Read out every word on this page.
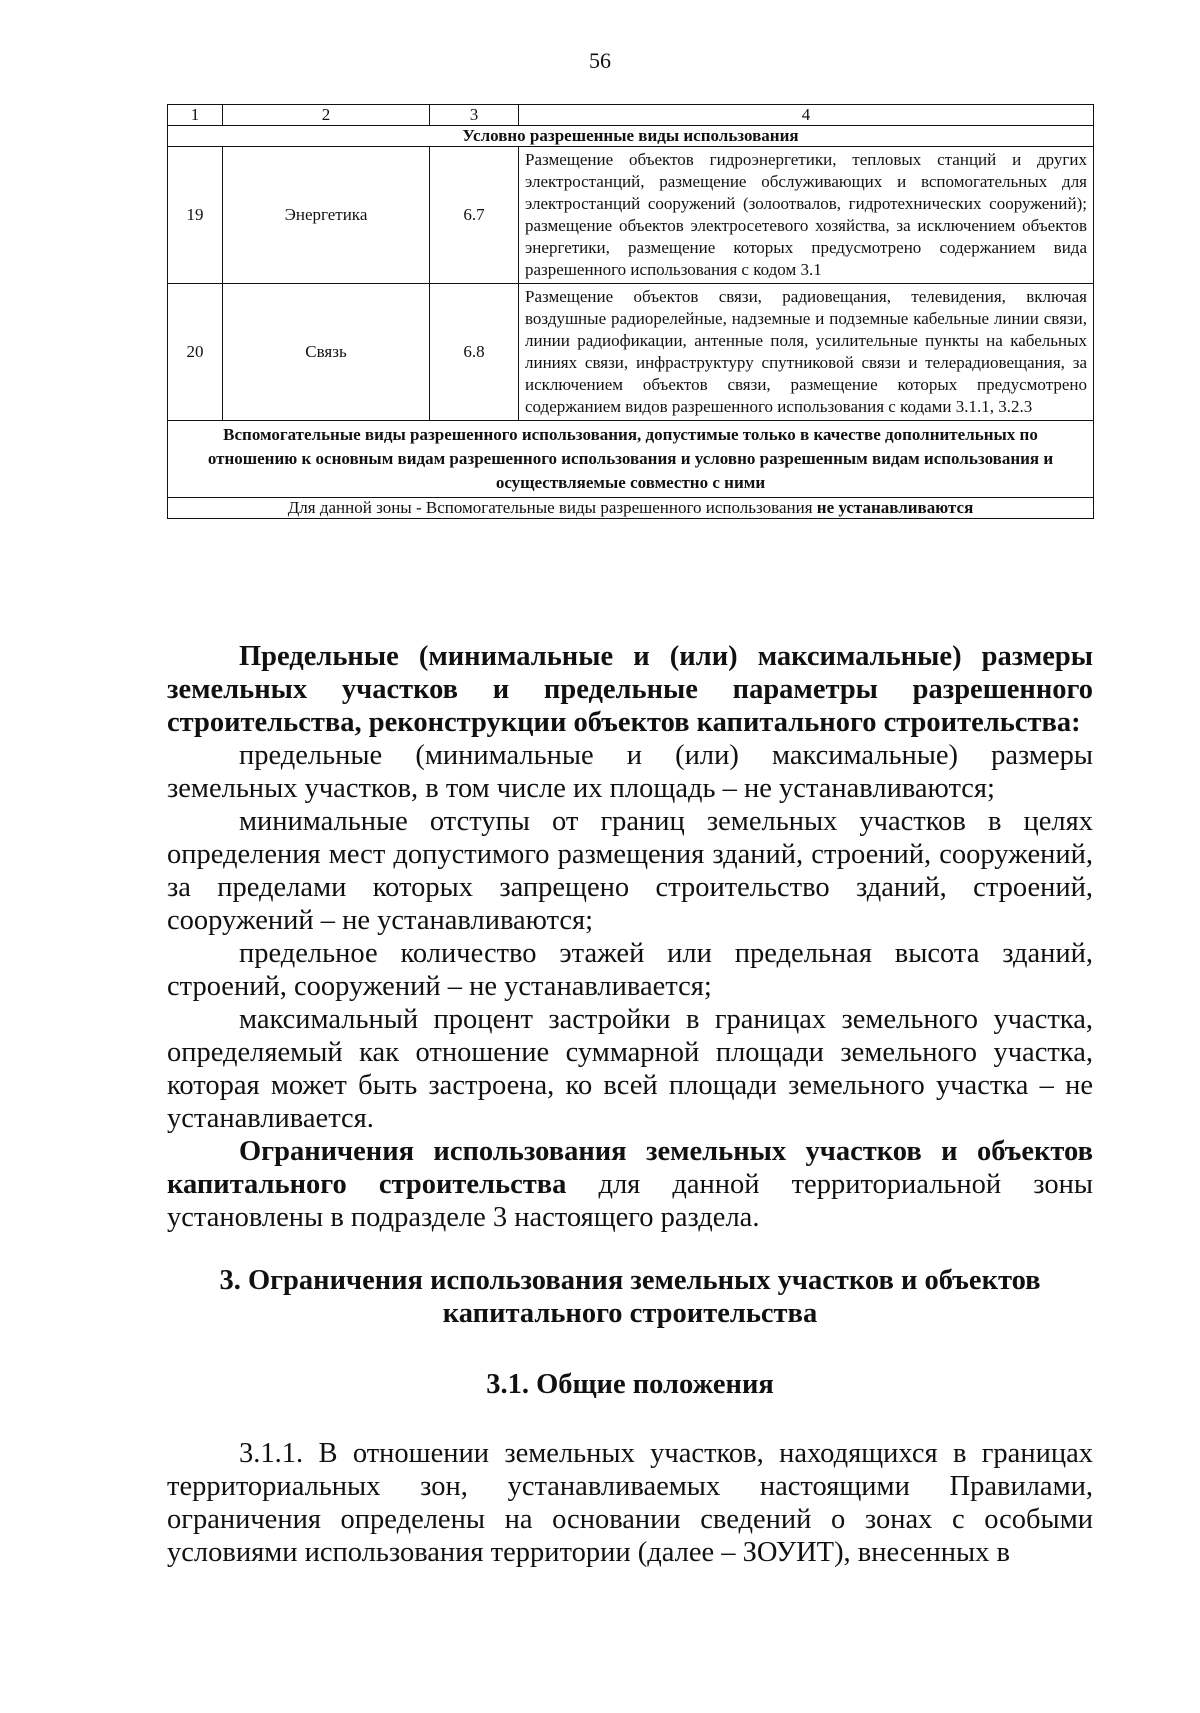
56
1	2	3	4
Условно разрешенные виды использования			
19	Энергетика	6.7	Размещение объектов гидроэнергетики, тепловых станций и других электростанций, размещение обслуживающих и вспомогательных для электростанций сооружений (золоотвалов, гидротехнических сооружений); размещение объектов электросетевого хозяйства, за исключением объектов энергетики, размещение которых предусмотрено содержанием вида разрешенного использования с кодом 3.1
20	Связь	6.8	Размещение объектов связи, радиовещания, телевидения, включая воздушные радиорелейные, надземные и подземные кабельные линии связи, линии радиофикации, антенные поля, усилительные пункты на кабельных линиях связи, инфраструктуру спутниковой связи и телерадиовещания, за исключением объектов связи, размещение которых предусмотрено содержанием видов разрешенного использования с кодами 3.1.1, 3.2.3
Вспомогательные виды разрешенного использования, допустимые только в качестве дополнительных по отношению к основным видам разрешенного использования и условно разрешенным видам использования и осуществляемые совместно с ними			
Для данной зоны - Вспомогательные виды разрешенного использования не устанавливаются			

Предельные (минимальные и (или) максимальные) размеры земельных участков и предельные параметры разрешенного строительства, реконструкции объектов капитального строительства:

предельные (минимальные и (или) максимальные) размеры земельных участков, в том числе их площадь – не устанавливаются;

минимальные отступы от границ земельных участков в целях определения мест допустимого размещения зданий, строений, сооружений, за пределами которых запрещено строительство зданий, строений, сооружений – не устанавливаются;

предельное количество этажей или предельная высота зданий, строений, сооружений – не устанавливается;

максимальный процент застройки в границах земельного участка, определяемый как отношение суммарной площади земельного участка, которая может быть застроена, ко всей площади земельного участка – не устанавливается.

Ограничения использования земельных участков и объектов капитального строительства для данной территориальной зоны установлены в подразделе 3 настоящего раздела.

3. Ограничения использования земельных участков и объектов капитального строительства

3.1. Общие положения

3.1.1. В отношении земельных участков, находящихся в границах территориальных зон, устанавливаемых настоящими Правилами, ограничения определены на основании сведений о зонах с особыми условиями использования территории (далее – ЗОУИТ), внесенных в
